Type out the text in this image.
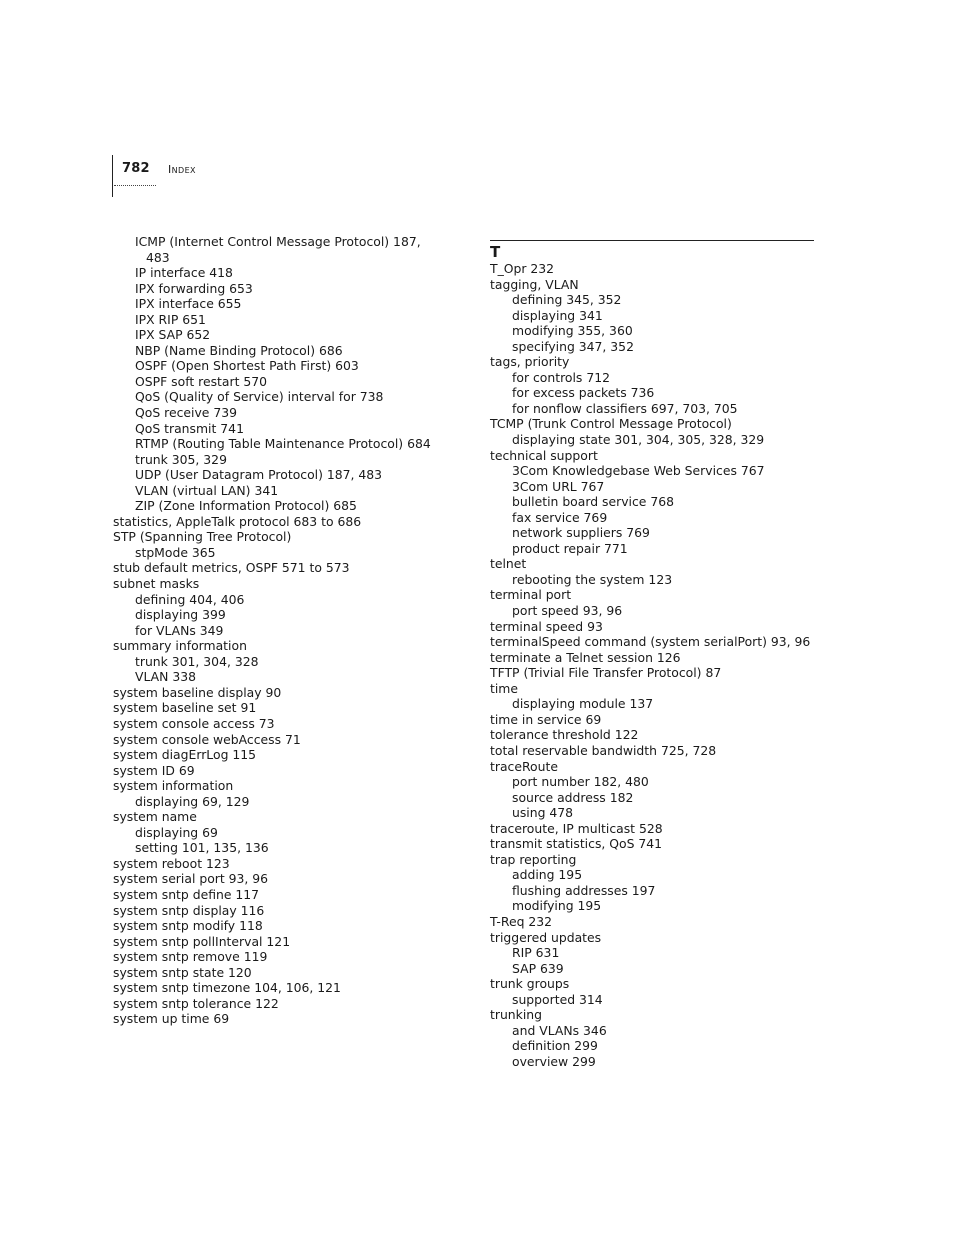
782 Index
ICMP (Internet Control Message Protocol) 187,
483
IP interface 418
IPX forwarding 653
IPX interface 655
IPX RIP 651
IPX SAP 652
NBP (Name Binding Protocol) 686
OSPF (Open Shortest Path First) 603
OSPF soft restart 570
QoS (Quality of Service) interval for 738
QoS receive 739
QoS transmit 741
RTMP (Routing Table Maintenance Protocol) 684
trunk 305, 329
UDP (User Datagram Protocol) 187, 483
VLAN (virtual LAN) 341
ZIP (Zone Information Protocol) 685
statistics, AppleTalk protocol 683 to 686
STP (Spanning Tree Protocol)
stpMode 365
stub default metrics, OSPF 571 to 573
subnet masks
defining 404, 406
displaying 399
for VLANs 349
summary information
trunk 301, 304, 328
VLAN 338
system baseline display 90
system baseline set 91
system console access 73
system console webAccess 71
system diagErrLog 115
system ID 69
system information
displaying 69, 129
system name
displaying 69
setting 101, 135, 136
system reboot 123
system serial port 93, 96
system sntp define 117
system sntp display 116
system sntp modify 118
system sntp pollInterval 121
system sntp remove 119
system sntp state 120
system sntp timezone 104, 106, 121
system sntp tolerance 122
system up time 69
T
T_Opr 232
tagging, VLAN
defining 345, 352
displaying 341
modifying 355, 360
specifying 347, 352
tags, priority
for controls 712
for excess packets 736
for nonflow classifiers 697, 703, 705
TCMP (Trunk Control Message Protocol)
displaying state 301, 304, 305, 328, 329
technical support
3Com Knowledgebase Web Services 767
3Com URL 767
bulletin board service 768
fax service 769
network suppliers 769
product repair 771
telnet
rebooting the system 123
terminal port
port speed 93, 96
terminal speed 93
terminalSpeed command (system serialPort) 93, 96
terminate a Telnet session 126
TFTP (Trivial File Transfer Protocol) 87
time
displaying module 137
time in service 69
tolerance threshold 122
total reservable bandwidth 725, 728
traceRoute
port number 182, 480
source address 182
using 478
traceroute, IP multicast 528
transmit statistics, QoS 741
trap reporting
adding 195
flushing addresses 197
modifying 195
T-Req 232
triggered updates
RIP 631
SAP 639
trunk groups
supported 314
trunking
and VLANs 346
definition 299
overview 299
